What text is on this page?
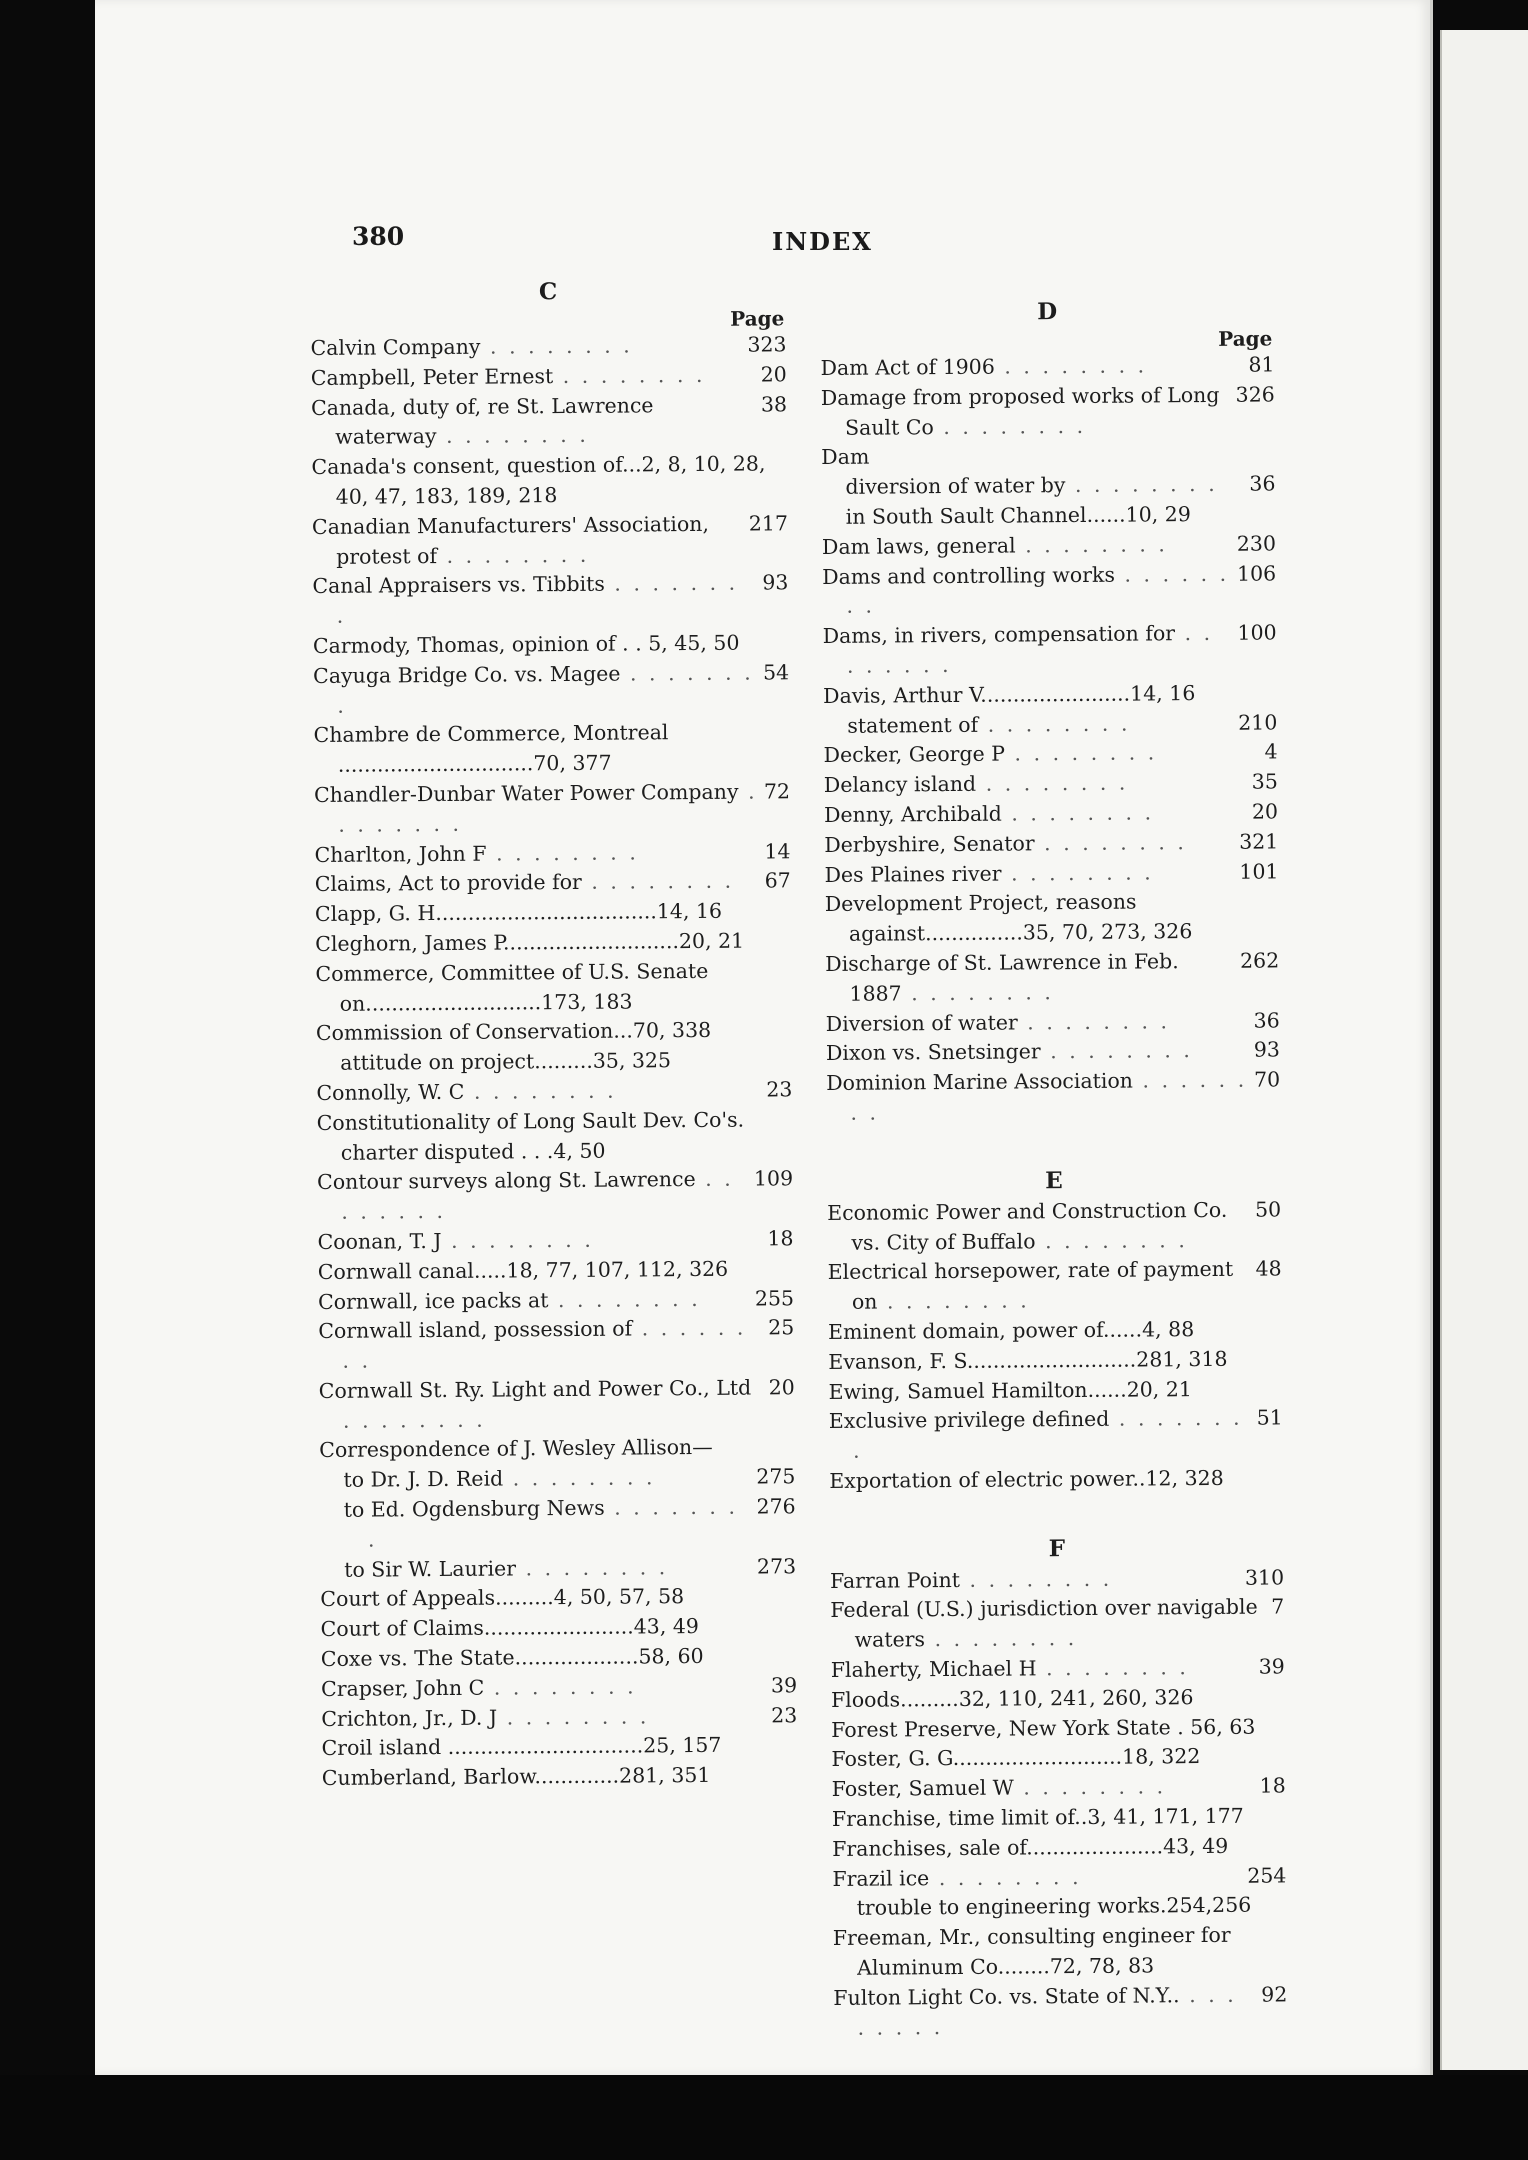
380	INDEX
C
Page
323
Calvin Company . . . . . . . .
20
Campbell, Peter Ernest . . . . . . . .
38
Canada, duty of, re St. Lawrence waterway . . . . . . . .
Canada's consent, question of...2, 8, 10, 28, 40, 47, 183, 189, 218
217
Canadian Manufacturers' Association, protest of . . . . . . . .
93
Canal Appraisers vs. Tibbits . . . . . . . .
Carmody, Thomas, opinion of . . 5, 45, 50
54
Cayuga Bridge Co. vs. Magee . . . . . . . .
Chambre de Commerce, Montreal ..............................70, 377
72
Chandler-Dunbar Water Power Company . . . . . . . .
14
Charlton, John F . . . . . . . .
67
Claims, Act to provide for . . . . . . . .
Clapp, G. H..................................14, 16
Cleghorn, James P...........................20, 21
Commerce, Committee of U.S. Senate on...........................173, 183
Commission of Conservation...70, 338
attitude on project.........35, 325
23
Connolly, W. C . . . . . . . .
Constitutionality of Long Sault Dev. Co's. charter disputed . . .4, 50
109
Contour surveys along St. Lawrence . . . . . . . .
18
Coonan, T. J . . . . . . . .
Cornwall canal.....18, 77, 107, 112, 326
255
Cornwall, ice packs at . . . . . . . .
25
Cornwall island, possession of . . . . . . . .
20
Cornwall St. Ry. Light and Power Co., Ltd . . . . . . . .
Correspondence of J. Wesley Allison—
275
to Dr. J. D. Reid . . . . . . . .
276
to Ed. Ogdensburg News . . . . . . . .
273
to Sir W. Laurier . . . . . . . .
Court of Appeals.........4, 50, 57, 58
Court of Claims.......................43, 49
Coxe vs. The State...................58, 60
39
Crapser, John C . . . . . . . .
23
Crichton, Jr., D. J . . . . . . . .
Croil island ..............................25, 157
Cumberland, Barlow.............281, 351
D
Page
81
Dam Act of 1906 . . . . . . . .
326
Damage from proposed works of Long Sault Co . . . . . . . .
Dam
36
diversion of water by . . . . . . . .
in South Sault Channel......10, 29
230
Dam laws, general . . . . . . . .
106
Dams and controlling works . . . . . . . .
100
Dams, in rivers, compensation for . . . . . . . .
Davis, Arthur V.......................14, 16
210
statement of . . . . . . . .
4
Decker, George P . . . . . . . .
35
Delancy island . . . . . . . .
20
Denny, Archibald . . . . . . . .
321
Derbyshire, Senator . . . . . . . .
101
Des Plaines river . . . . . . . .
Development Project, reasons against...............35, 70, 273, 326
262
Discharge of St. Lawrence in Feb. 1887 . . . . . . . .
36
Diversion of water . . . . . . . .
93
Dixon vs. Snetsinger . . . . . . . .
70
Dominion Marine Association . . . . . . . .
E
50
Economic Power and Construction Co. vs. City of Buffalo . . . . . . . .
48
Electrical horsepower, rate of payment on . . . . . . . .
Eminent domain, power of......4, 88
Evanson, F. S..........................281, 318
Ewing, Samuel Hamilton......20, 21
51
Exclusive privilege defined . . . . . . . .
Exportation of electric power..12, 328
F
310
Farran Point . . . . . . . .
7
Federal (U.S.) jurisdiction over navigable waters . . . . . . . .
39
Flaherty, Michael H . . . . . . . .
Floods.........32, 110, 241, 260, 326
Forest Preserve, New York State . 56, 63
Foster, G. G..........................18, 322
18
Foster, Samuel W . . . . . . . .
Franchise, time limit of..3, 41, 171, 177
Franchises, sale of.....................43, 49
254
Frazil ice . . . . . . . .
trouble to engineering works.254,256
Freeman, Mr., consulting engineer for Aluminum Co........72, 78, 83
92
Fulton Light Co. vs. State of N.Y.. . . . . . . . .
